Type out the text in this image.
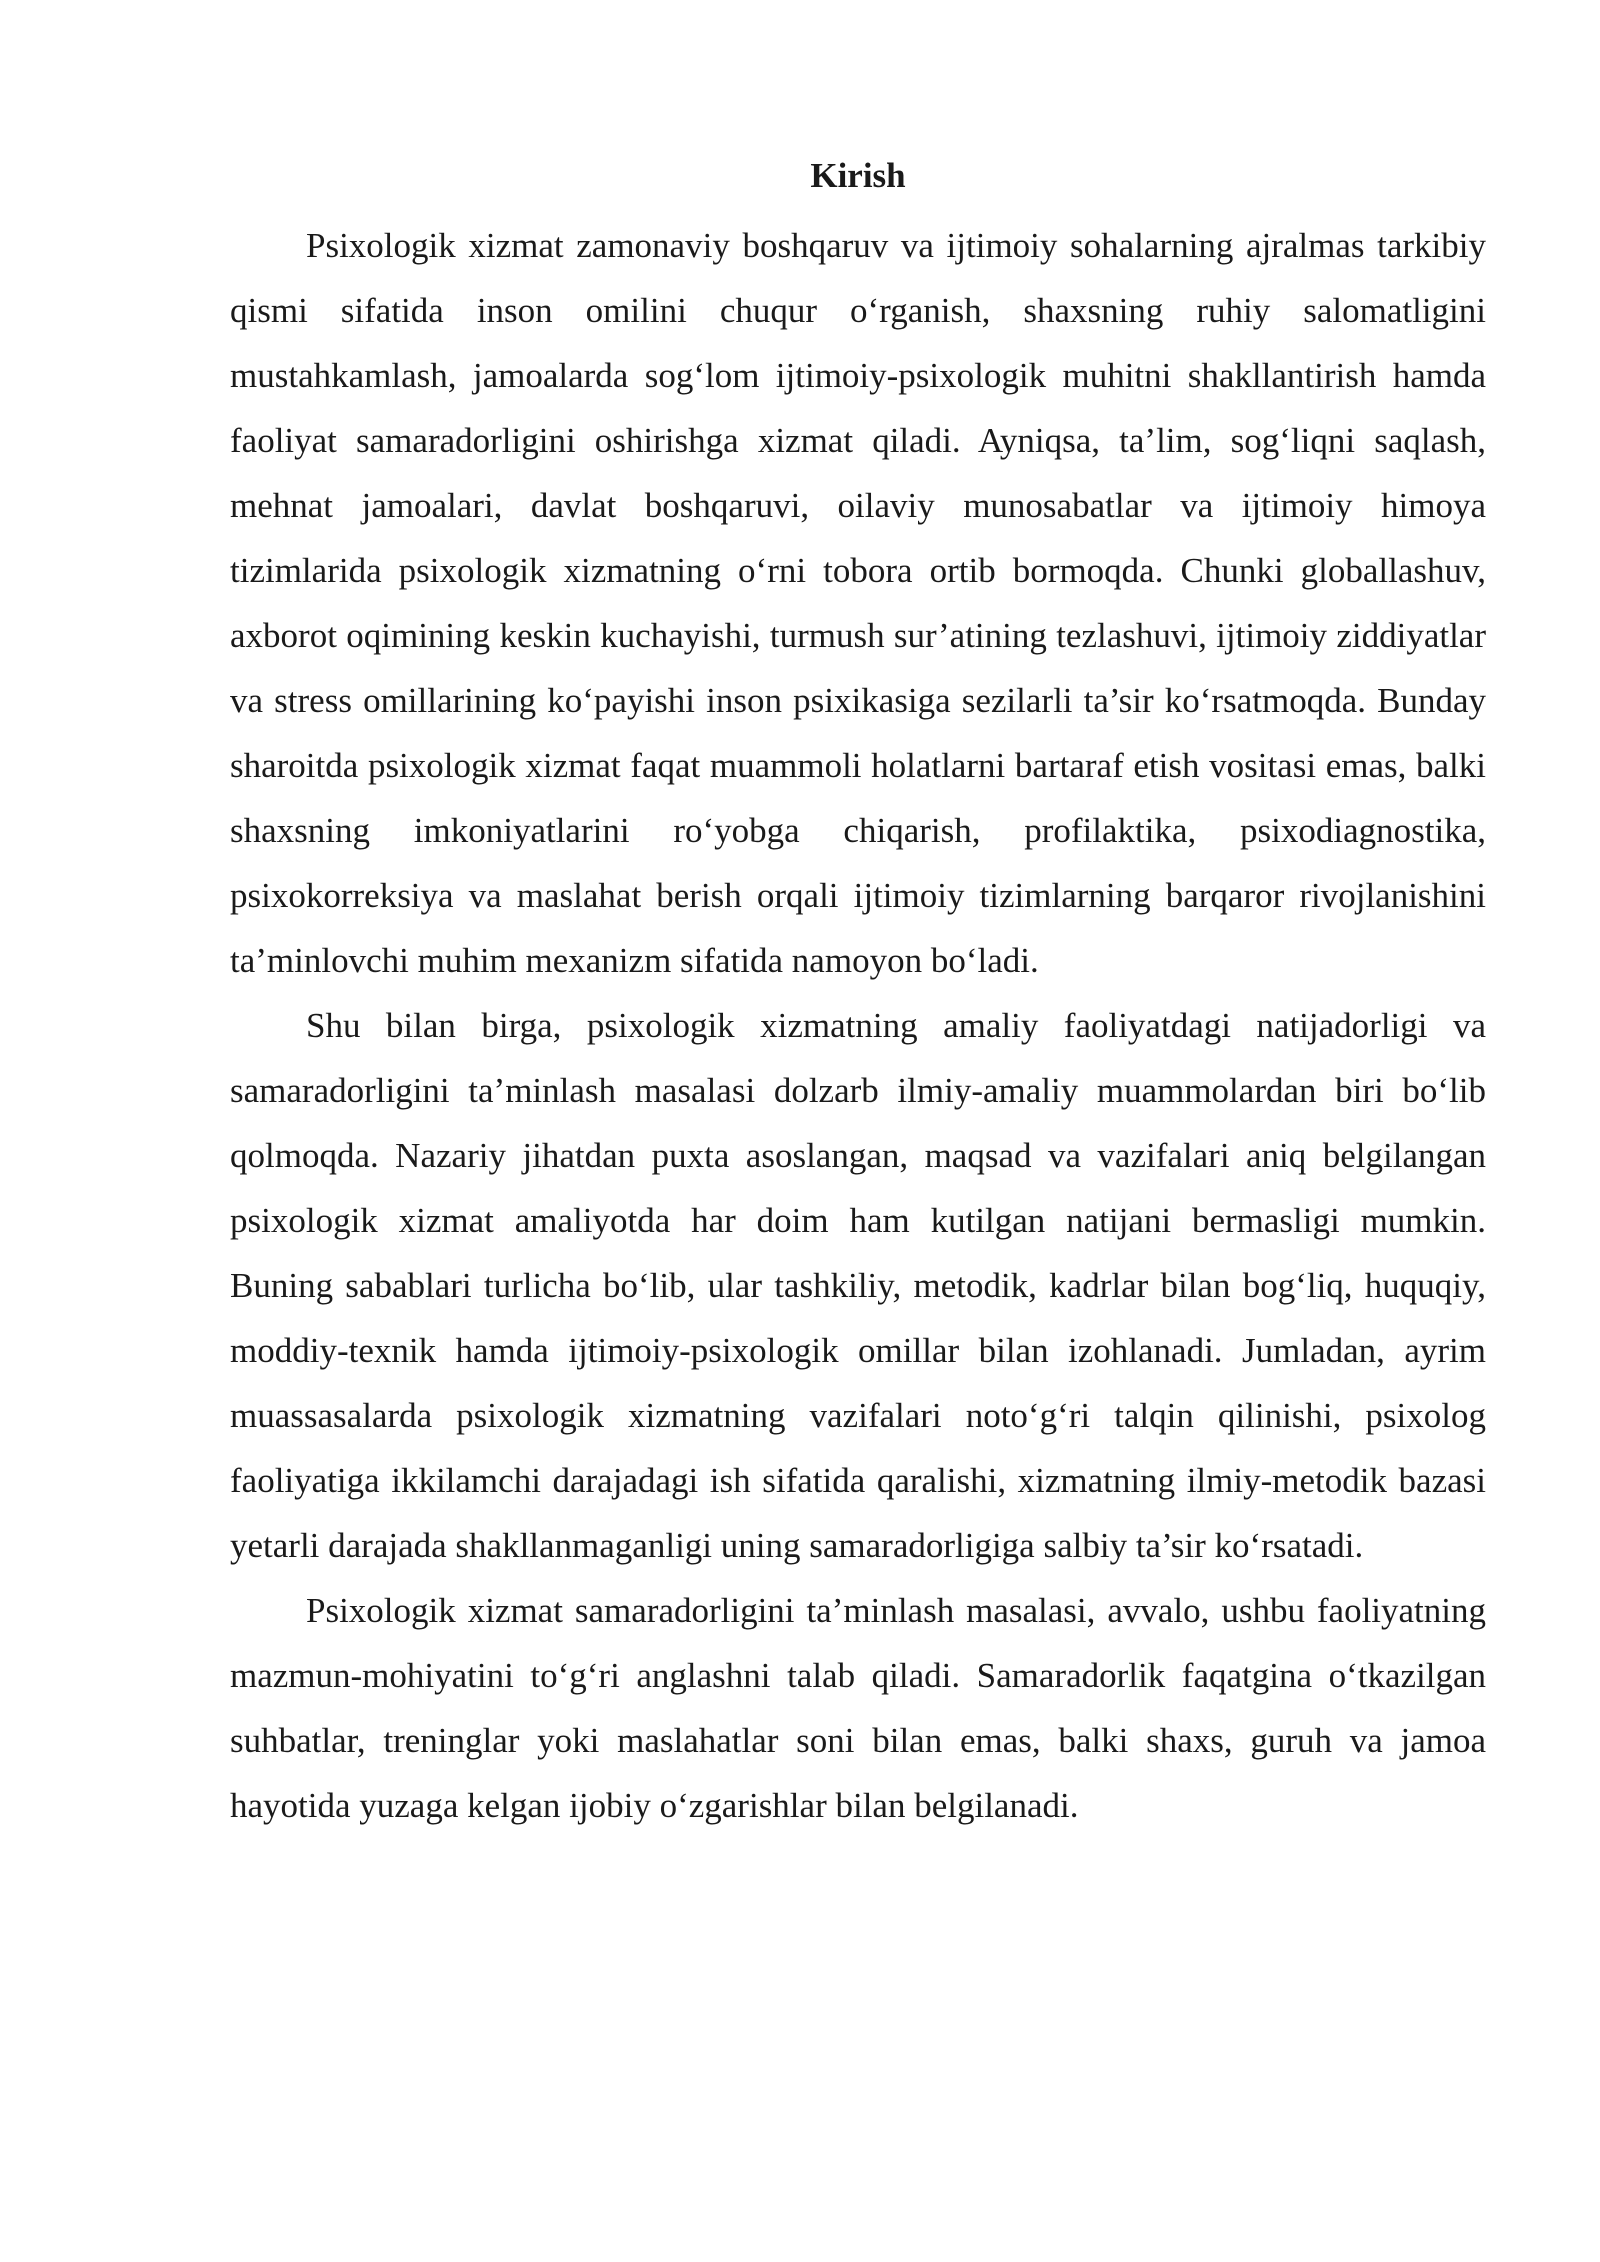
Kirish

Psixologik xizmat zamonaviy boshqaruv va ijtimoiy sohalarning ajralmas tarkibiy qismi sifatida inson omilini chuqur o‘rganish, shaxsning ruhiy salomatligini mustahkamlash, jamoalarda sog‘lom ijtimoiy-psixologik muhitni shakllantirish hamda faoliyat samaradorligini oshirishga xizmat qiladi. Ayniqsa, ta’lim, sog‘liqni saqlash, mehnat jamoalari, davlat boshqaruvi, oilaviy munosabatlar va ijtimoiy himoya tizimlarida psixologik xizmatning o‘rni tobora ortib bormoqda. Chunki globallashuv, axborot oqimining keskin kuchayishi, turmush sur’atining tezlashuvi, ijtimoiy ziddiyatlar va stress omillarining ko‘payishi inson psixikasiga sezilarli ta’sir ko‘rsatmoqda. Bunday sharoitda psixologik xizmat faqat muammoli holatlarni bartaraf etish vositasi emas, balki shaxsning imkoniyatlarini ro‘yobga chiqarish, profilaktika, psixodiagnostika, psixokorreksiya va maslahat berish orqali ijtimoiy tizimlarning barqaror rivojlanishini ta’minlovchi muhim mexanizm sifatida namoyon bo‘ladi.

Shu bilan birga, psixologik xizmatning amaliy faoliyatdagi natijadorligi va samaradorligini ta’minlash masalasi dolzarb ilmiy-amaliy muammolardan biri bo‘lib qolmoqda. Nazariy jihatdan puxta asoslangan, maqsad va vazifalari aniq belgilangan psixologik xizmat amaliyotda har doim ham kutilgan natijani bermasligi mumkin. Buning sabablari turlicha bo‘lib, ular tashkiliy, metodik, kadrlar bilan bog‘liq, huquqiy, moddiy-texnik hamda ijtimoiy-psixologik omillar bilan izohlanadi. Jumladan, ayrim muassasalarda psixologik xizmatning vazifalari noto‘g‘ri talqin qilinishi, psixolog faoliyatiga ikkilamchi darajadagi ish sifatida qaralishi, xizmatning ilmiy-metodik bazasi yetarli darajada shakllanmaganligi uning samaradorligiga salbiy ta’sir ko‘rsatadi.

Psixologik xizmat samaradorligini ta’minlash masalasi, avvalo, ushbu faoliyatning mazmun-mohiyatini to‘g‘ri anglashni talab qiladi. Samaradorlik faqatgina o‘tkazilgan suhbatlar, treninglar yoki maslahatlar soni bilan emas, balki shaxs, guruh va jamoa hayotida yuzaga kelgan ijobiy o‘zgarishlar bilan belgilanadi.
